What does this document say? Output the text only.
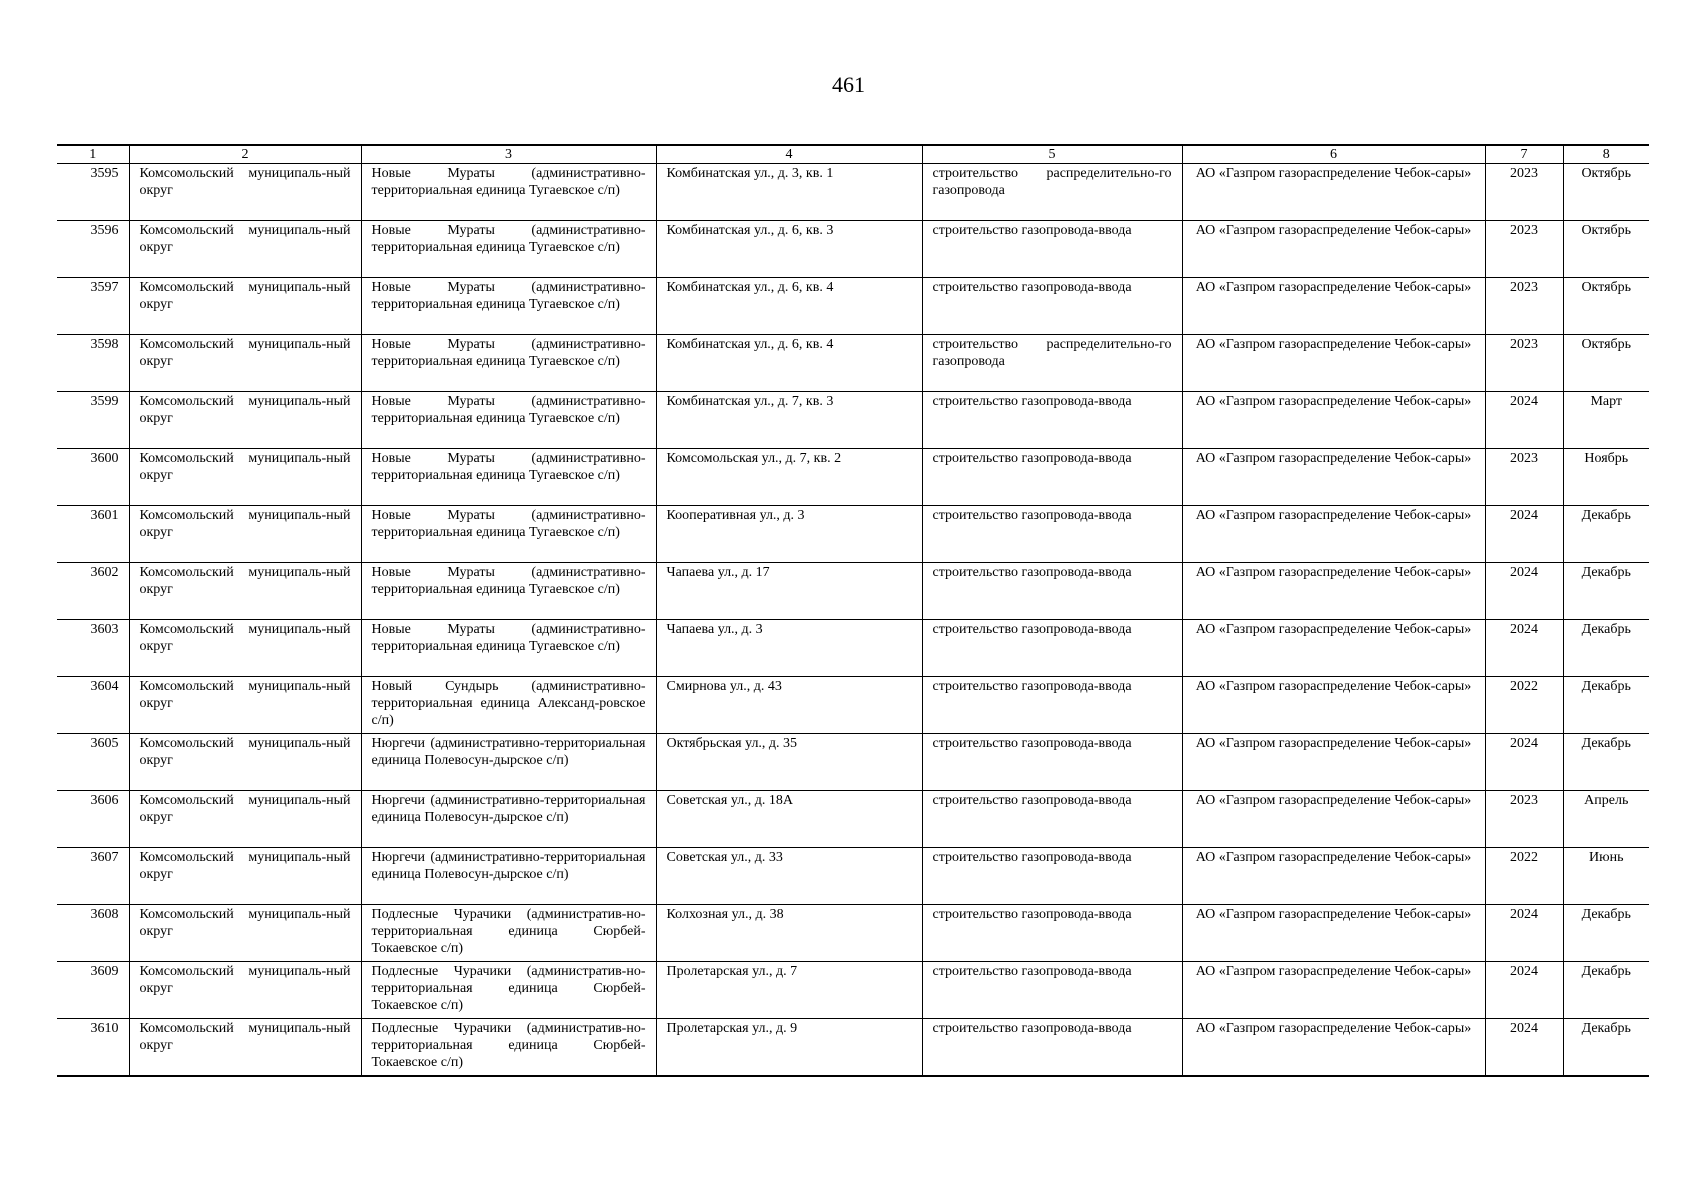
461
1	2	3	4	5	6	7	8
3595	Комсомольский муниципаль-ный округ	Новые Мураты (административно-территориальная единица Тугаевское с/п)	Комбинатская ул., д. 3, кв. 1	строительство распределительно-го газопровода	АО «Газпром газораспределение Чебок-сары»	2023	Октябрь
3596	Комсомольский муниципаль-ный округ	Новые Мураты (административно-территориальная единица Тугаевское с/п)	Комбинатская ул., д. 6, кв. 3	строительство газопровода-ввода	АО «Газпром газораспределение Чебок-сары»	2023	Октябрь
3597	Комсомольский муниципаль-ный округ	Новые Мураты (административно-территориальная единица Тугаевское с/п)	Комбинатская ул., д. 6, кв. 4	строительство газопровода-ввода	АО «Газпром газораспределение Чебок-сары»	2023	Октябрь
3598	Комсомольский муниципаль-ный округ	Новые Мураты (административно-территориальная единица Тугаевское с/п)	Комбинатская ул., д. 6, кв. 4	строительство распределительно-го газопровода	АО «Газпром газораспределение Чебок-сары»	2023	Октябрь
3599	Комсомольский муниципаль-ный округ	Новые Мураты (административно-территориальная единица Тугаевское с/п)	Комбинатская ул., д. 7, кв. 3	строительство газопровода-ввода	АО «Газпром газораспределение Чебок-сары»	2024	Март
3600	Комсомольский муниципаль-ный округ	Новые Мураты (административно-территориальная единица Тугаевское с/п)	Комсомольская ул., д. 7, кв. 2	строительство газопровода-ввода	АО «Газпром газораспределение Чебок-сары»	2023	Ноябрь
3601	Комсомольский муниципаль-ный округ	Новые Мураты (административно-территориальная единица Тугаевское с/п)	Кооперативная ул., д. 3	строительство газопровода-ввода	АО «Газпром газораспределение Чебок-сары»	2024	Декабрь
3602	Комсомольский муниципаль-ный округ	Новые Мураты (административно-территориальная единица Тугаевское с/п)	Чапаева ул., д. 17	строительство газопровода-ввода	АО «Газпром газораспределение Чебок-сары»	2024	Декабрь
3603	Комсомольский муниципаль-ный округ	Новые Мураты (административно-территориальная единица Тугаевское с/п)	Чапаева ул., д. 3	строительство газопровода-ввода	АО «Газпром газораспределение Чебок-сары»	2024	Декабрь
3604	Комсомольский муниципаль-ный округ	Новый Сундырь (административно-территориальная единица Александ-ровское с/п)	Смирнова ул., д. 43	строительство газопровода-ввода	АО «Газпром газораспределение Чебок-сары»	2022	Декабрь
3605	Комсомольский муниципаль-ный округ	Нюргечи (административно-территориальная единица Полевосун-дырское с/п)	Октябрьская ул., д. 35	строительство газопровода-ввода	АО «Газпром газораспределение Чебок-сары»	2024	Декабрь
3606	Комсомольский муниципаль-ный округ	Нюргечи (административно-территориальная единица Полевосун-дырское с/п)	Советская ул., д. 18А	строительство газопровода-ввода	АО «Газпром газораспределение Чебок-сары»	2023	Апрель
3607	Комсомольский муниципаль-ный округ	Нюргечи (административно-территориальная единица Полевосун-дырское с/п)	Советская ул., д. 33	строительство газопровода-ввода	АО «Газпром газораспределение Чебок-сары»	2022	Июнь
3608	Комсомольский муниципаль-ный округ	Подлесные Чурачики (административ-но-территориальная единица Сюрбей-Токаевское с/п)	Колхозная ул., д. 38	строительство газопровода-ввода	АО «Газпром газораспределение Чебок-сары»	2024	Декабрь
3609	Комсомольский муниципаль-ный округ	Подлесные Чурачики (административ-но-территориальная единица Сюрбей-Токаевское с/п)	Пролетарская ул., д. 7	строительство газопровода-ввода	АО «Газпром газораспределение Чебок-сары»	2024	Декабрь
3610	Комсомольский муниципаль-ный округ	Подлесные Чурачики (административ-но-территориальная единица Сюрбей-Токаевское с/п)	Пролетарская ул., д. 9	строительство газопровода-ввода	АО «Газпром газораспределение Чебок-сары»	2024	Декабрь
